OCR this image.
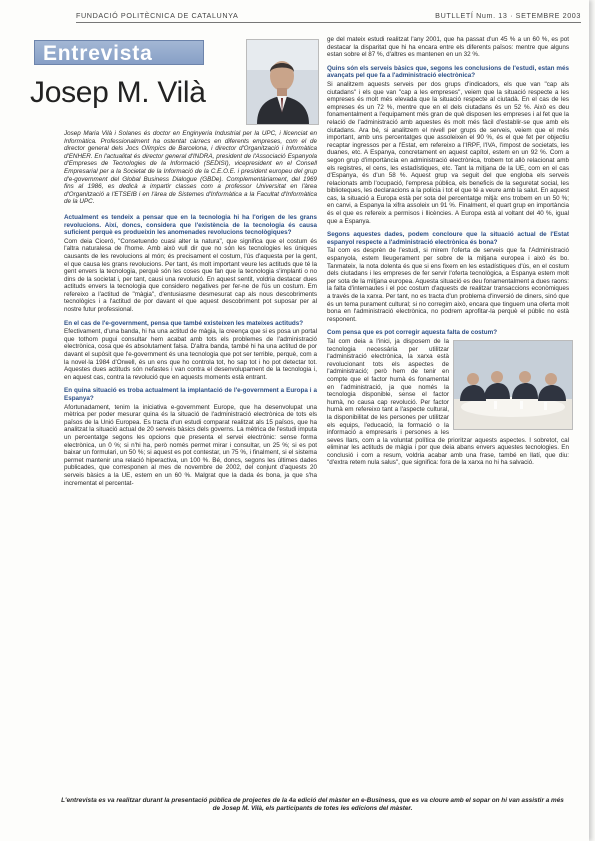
FUNDACIÓ POLITÈCNICA DE CATALUNYA	BUTLLETÍ Num. 13 · SETEMBRE 2003
Entrevista
Josep M. Vilà

Josep Maria Vilà i Solanes és doctor en Enginyeria Industrial per la UPC, i llicenciat en Informàtica. Professionalment ha ostentat càrrecs en diferents empreses, com el de director general dels Jocs Olímpics de Barcelona, i director d'Organització i Informàtica d'ENHER. En l'actualitat és director general d'INDRA, president de l'Associació Espanyola d'Empreses de Tecnologies de la Informació (SEDISI), vicepresident en el Consell Empresarial per a la Societat de la Informació de la C.E.O.E. i president europeu del grup d'e-government del Global Business Dialogue (GBDe). Complementàriament, del 1969 fins al 1986, es dedicà a impartir classes com a professor Universitat en l'àrea d'Organització a l'ETSEIB i en l'àrea de Sistemes d'Informàtica a la Facultat d'Informàtica de la UPC.

Actualment es tendeix a pensar que en la tecnologia hi ha l'origen de les grans revolucions. Així, doncs, considera que l'existència de la tecnologia és causa suficient perquè es produeixin les anomenades revolucions tecnològiques?

Com deia Ciceró, "Consetuendo cuasi alter la natura", que significa que el costum és l'altra naturalesa de l'home. Amb això vull dir que no són les tecnologies les úniques causants de les revolucions al món; és precisament el costum, l'ús d'aquesta per la gent, el que causa les grans revolucions. Per tant, és molt important veure les actituds que té la gent envers la tecnologia, perquè són les coses que fan que la tecnologia s'implanti o no dins de la societat i, per tant, causi una revolució. En aquest sentit, voldria destacar dues actituds envers la tecnologia que considero negatives per fer-ne de l'ús un costum. Em refereixo a l'actitud de "màgia", d'entusiasme desmesurat cap als nous descobriments tecnològics i a l'actitud de por davant el que aquest descobriment pot suposar per al nostre futur professional.

En el cas de l'e-government, pensa que també existeixen les mateixes actituds?

Efectivament, d'una banda, hi ha una actitud de màgia, la creença que si es posa un portal que tothom pugui consultar hem acabat amb tots els problemes de l'administració electrònica, cosa que és absolutament falsa. D'altra banda, també hi ha una actitud de por davant el supòsit que l'e-government és una tecnologia que pot ser terrible, perquè, com a la novel·la 1984 d'Orwell, és un ens que ho controla tot, ho sap tot i ho pot detectar tot. Aquestes dues actituds són nefastes i van contra el desenvolupament de la tecnologia i, en aquest cas, contra la revolució que en aquests moments està entrant.

En quina situació es troba actualment la implantació de l'e-government a Europa i a Espanya?

Afortunadament, tenim la iniciativa e-government Europe, que ha desenvolupat una mètrica per poder mesurar quina és la situació de l'administració electrònica de tots els països de la Unió Europea. Es tracta d'un estudi comparat realitzat als 15 països, que ha analitzat la situació actual de 20 serveis bàsics dels governs. La mètrica de l'estudi imputa un percentatge segons les opcions que presenta el servei electrònic: sense forma electrònica, un 0 %; si n'hi ha, però només permet mirar i consultar, un 25 %; si es pot baixar un formulari, un 50 %; si aquest es pot contestar, un 75 %, i finalment, si el sistema permet mantenir una relació hiperactiva, un 100 %. Bé, doncs, segons les últimes dades publicades, que corresponen al mes de novembre de 2002, del conjunt d'aquests 20 serveis bàsics a la UE, estem en un 60 %. Malgrat que la dada és bona, ja que s'ha incrementat el percentat-

ge del mateix estudi realitzat l'any 2001, que ha passat d'un 45 % a un 60 %, es pot destacar la disparitat que hi ha encara entre els diferents països: mentre que alguns estan sobre el 87 %, d'altres es mantenen en un 32 %.

Quins són els serveis bàsics que, segons les conclusions de l'estudi, estan més avançats pel que fa a l'administració electrònica?

Si analitzem aquests serveis per dos grups d'indicadors, els que van "cap als ciutadans" i els que van "cap a les empreses", veiem que la situació respecte a les empreses és molt més elevada que la situació respecte al ciutadà. En el cas de les empreses és un 72 %, mentre que en el dels ciutadans és un 52 %. Això es deu fonamentalment a l'equipament més gran de què disposen les empreses i al fet que la relació de l'administració amb aquestes és molt més fàcil d'establir-se que amb els ciutadans. Ara bé, si analitzem el nivell per grups de serveis, veiem que el més important, amb uns percentatges que assoleixen el 90 %, és el que fet per objectiu recaptar ingressos per a l'Estat, em refereixo a l'IRPF, l'IVA, l'impost de societats, les duanes, etc. A Espanya, concretament en aquest capítol, estem en un 92 %. Com a segon grup d'importància en administració electrònica, trobem tot allò relacionat amb els registres, el cens, les estadístiques, etc. Tant la mitjana de la UE, com en el cas d'Espanya, és d'un 58 %. Aquest grup va seguit del que engloba els serveis relacionats amb l'ocupació, l'empresa pública, els beneficis de la seguretat social, les biblioteques, les declaracions a la policia i tot el que té a veure amb la salut. En aquest cas, la situació a Europa està per sota del percentatge mitjà: ens trobem en un 50 %; en canvi, a Espanya la xifra assoleix un 91 %. Finalment, el quart grup en importància és el que es refereix a permisos i llicències. A Europa està al voltant del 40 %, igual que a Espanya.

Segons aquestes dades, podem concloure que la situació actual de l'Estat espanyol respecte a l'administració electrònica és bona?

Tal com es desprèn de l'estudi, si mirem l'oferta de serveis que fa l'Administració espanyola, estem lleugerament per sobre de la mitjana europea i això és bo. Tanmateix, la nota dolenta és que si ens fixem en les estadístiques d'ús, en el costum dels ciutadans i les empreses de fer servir l'oferta tecnològica, a Espanya estem molt per sota de la mitjana europea. Aquesta situació es deu fonamentalment a dues raons: la falta d'internautes i el poc costum d'aquests de realitzar transaccions econòmiques a través de la xarxa. Per tant, no es tracta d'un problema d'inversió de diners, sinó que és un tema purament cultural; si no corregim això, encara que tinguem una oferta molt bona en l'administració electrònica, no podrem aprofitar-la perquè el públic no està responent.

Com pensa que es pot corregir aquesta falta de costum?

Tal com deia a l'inici, ja disposem de la tecnologia necessària per utilitzar l'administració electrònica, la xarxa està revolucionant tots els aspectes de l'administració; però hem de tenir en compte que el factor humà és fonamental en l'administració, ja que només la tecnologia disponible, sense el factor humà, no causa cap revolució. Per factor humà em refereixo tant a l'aspecte cultural, la disponibilitat de les persones per utilitzar els equips, l'educació, la formació o la informació a empresaris i persones a les seves llars, com a la voluntat política de prioritzar aquests aspectes. I sobretot, cal eliminar les actituds de màgia i por que deia abans envers aquestes tecnologies. En conclusió i com a resum, voldria acabar amb una frase, també en llatí, que diu: "d'extra retem nula salus", que significa: fora de la xarxa no hi ha salvació.

L'entrevista es va realitzar durant la presentació pública de projectes de la 4a edició del màster en e-Business, que es va cloure amb el sopar on hi van assistir a més de Josep M. Vilà, els participants de totes les edicions del màster.
